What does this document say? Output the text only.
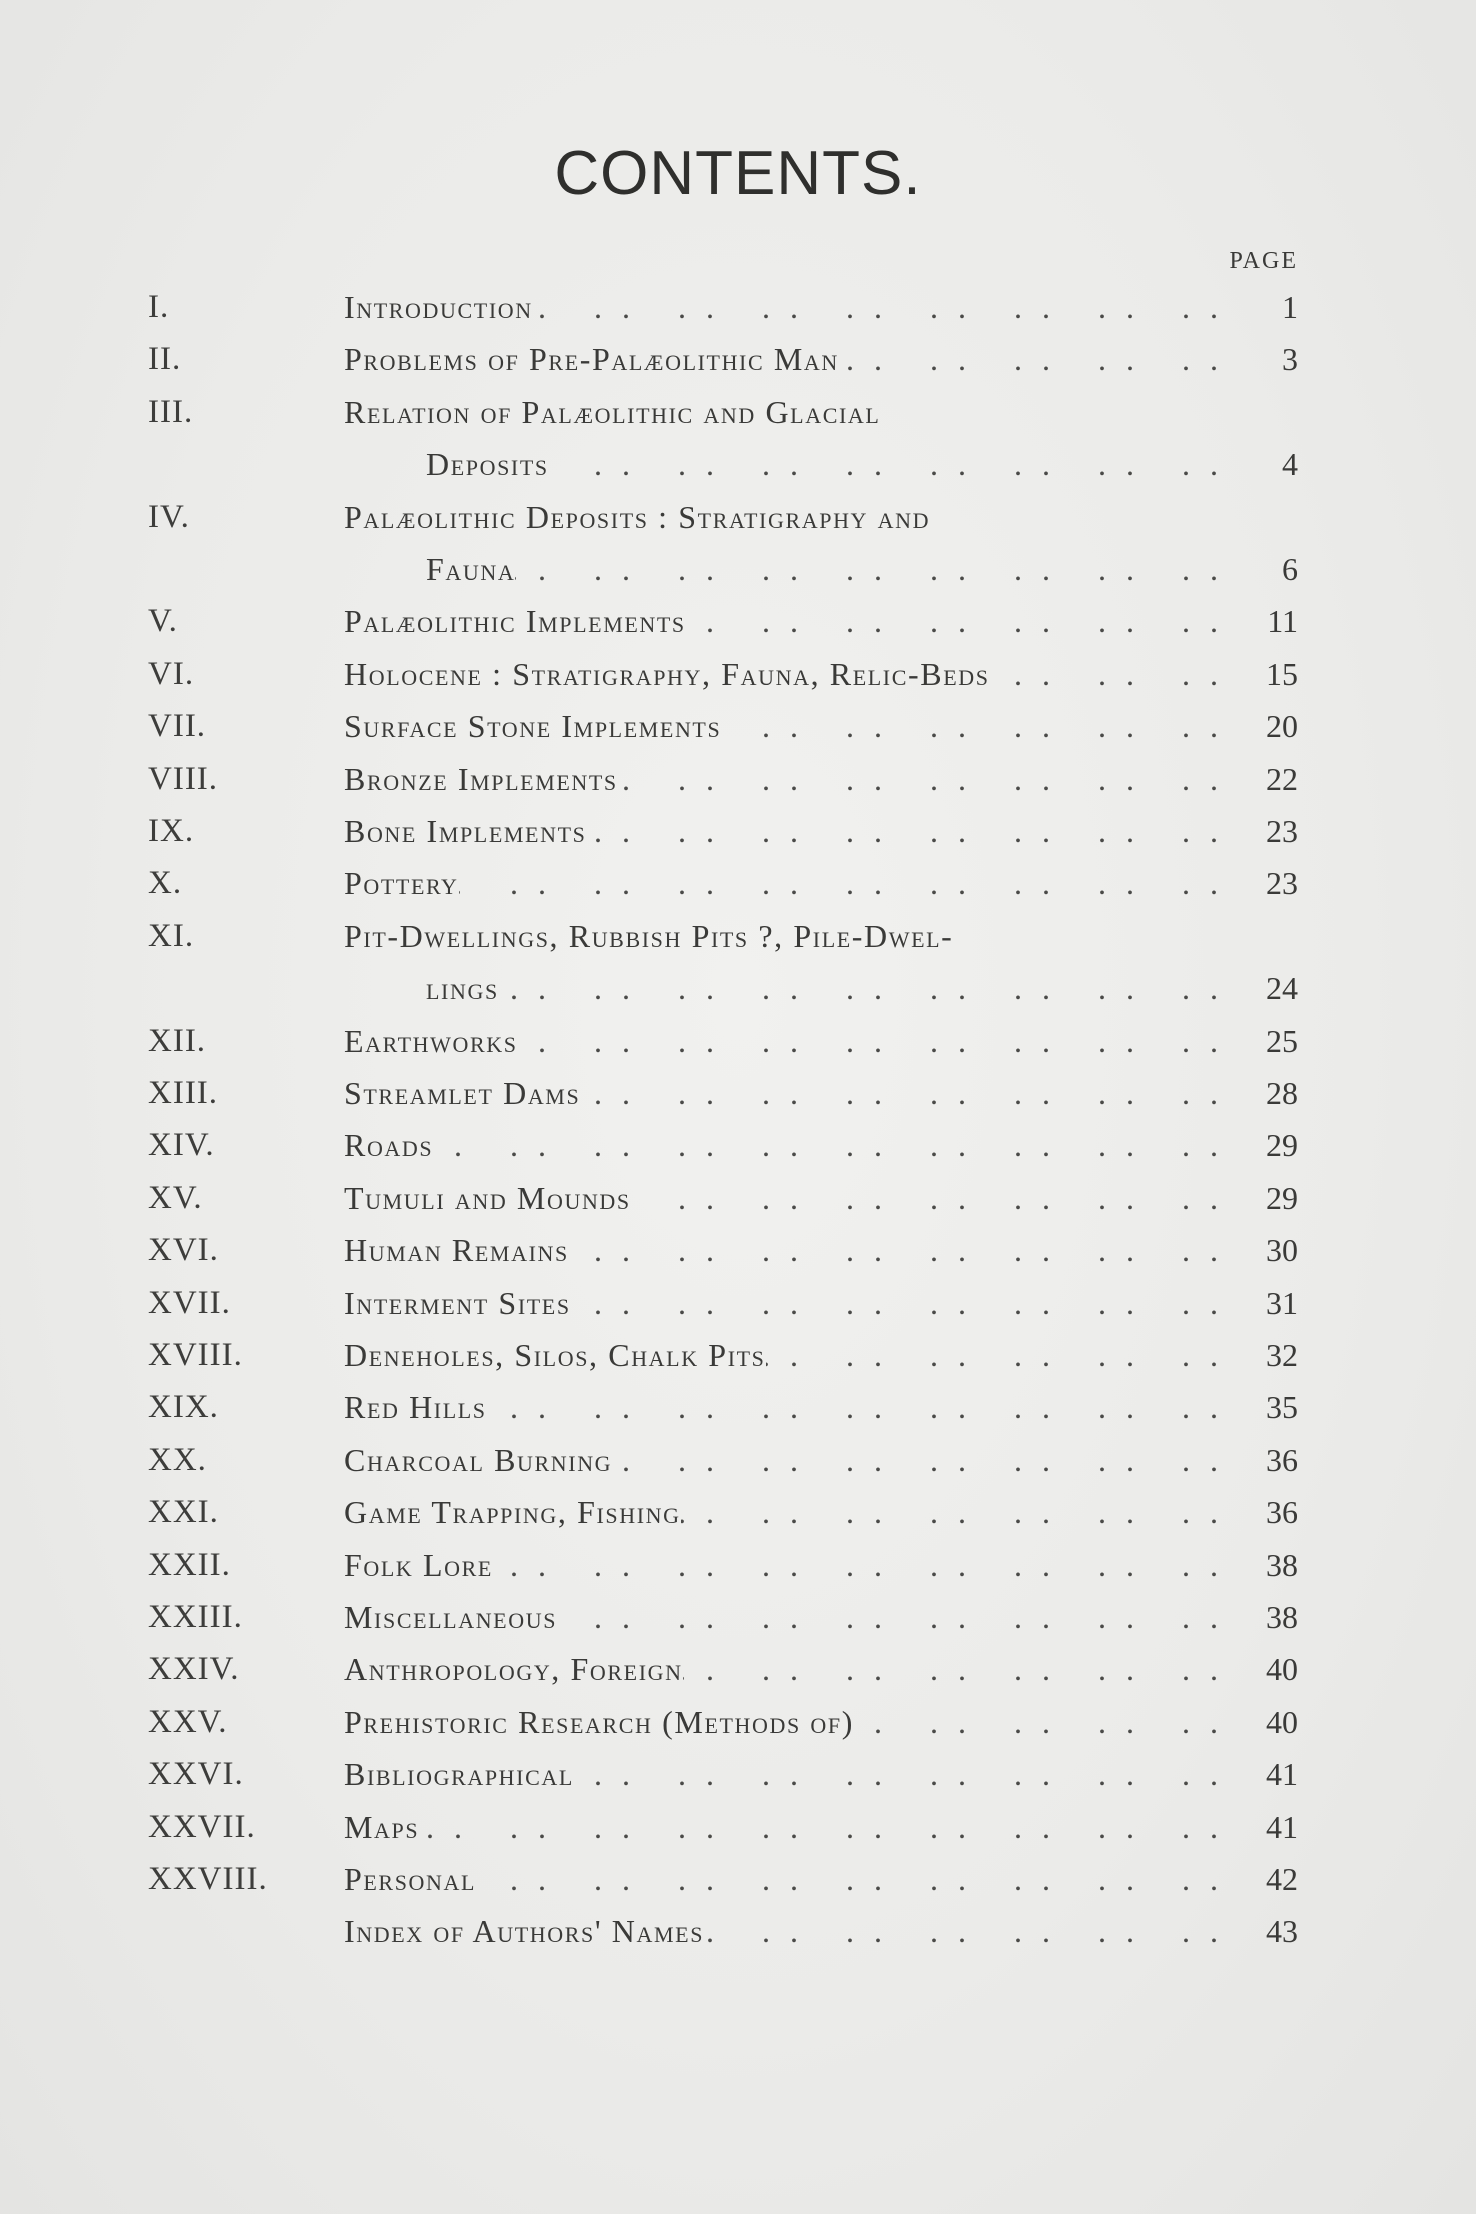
CONTENTS.
PAGE
I.	Introduction . .	1
II.	Problems of Pre-Palæolithic Man . .	3
III.	Relation of Palæolithic and Glacial
Deposits . .	4
IV.	Palæolithic Deposits : Stratigraphy and
Fauna . .	6
V.	Palæolithic Implements . .	11
VI.	Holocene : Stratigraphy, Fauna, Relic-Beds . .	15
VII.	Surface Stone Implements . .	20
VIII.	Bronze Implements . .	22
IX.	Bone Implements . .	23
X.	Pottery . .	23
XI.	Pit-Dwellings, Rubbish Pits ?, Pile-Dwel-
lings . .	24
XII.	Earthworks . .	25
XIII.	Streamlet Dams . .	28
XIV.	Roads . .	29
XV.	Tumuli and Mounds . .	29
XVI.	Human Remains . .	30
XVII.	Interment Sites . .	31
XVIII.	Deneholes, Silos, Chalk Pits . .	32
XIX.	Red Hills . .	35
XX.	Charcoal Burning . .	36
XXI.	Game Trapping, Fishing . .	36
XXII.	Folk Lore . .	38
XXIII.	Miscellaneous . .	38
XXIV.	Anthropology, Foreign . .	40
XXV.	Prehistoric Research (Methods of) . .	40
XXVI.	Bibliographical . .	41
XXVII.	Maps . .	41
XXVIII. Personal . .	42
Index of Authors' Names . .	43
